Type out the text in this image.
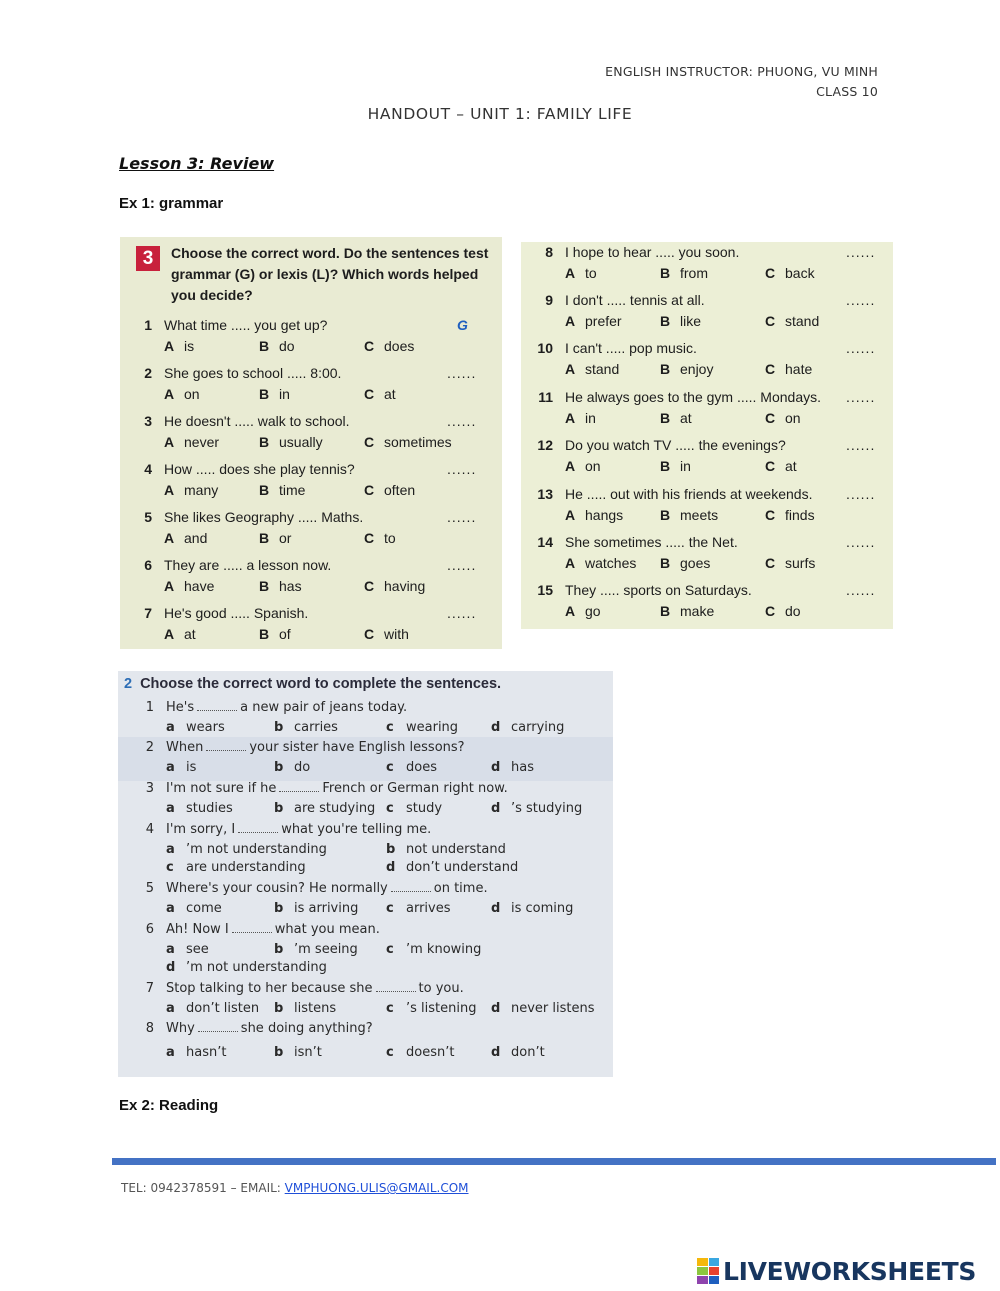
ENGLISH INSTRUCTOR: PHUONG, VU MINH
CLASS 10
HANDOUT – UNIT 1: FAMILY LIFE
Lesson 3: Review
Ex 1: grammar
3	Choose the correct word. Do the sentences test grammar (G) or lexis (L)? Which words helped you decide?
1 What time ..... you get up?	G
A is	B do	C does
2 She goes to school ..... 8:00.	......
A on	B in	C at
3 He doesn't ..... walk to school.	......
A never	B usually	C sometimes
4 How ..... does she play tennis?	......
A many	B time	C often
5 She likes Geography ..... Maths.	......
A and	B or	C to
6 They are ..... a lesson now.	......
A have	B has	C having
7 He's good ..... Spanish.	......
A at	B of	C with
8 I hope to hear ..... you soon.	......
A to	B from	C back
9 I don't ..... tennis at all.	......
A prefer	B like	C stand
10 I can't ..... pop music.	......
A stand	B enjoy	C hate
11 He always goes to the gym ..... Mondays. ......
A in	B at	C on
12 Do you watch TV ..... the evenings?	......
A on	B in	C at
13 He ..... out with his friends at weekends. ......
A hangs	B meets	C finds
14 She sometimes ..... the Net.	......
A watches B goes	C surfs
15 They ..... sports on Saturdays.	......
A go	B make	C do
2 Choose the correct word to complete the sentences.
1 He's	a new pair of jeans today.
a wears	b carries	c wearing	d carrying
2 When	your sister have English lessons?
a is	b do	c does	d has
3 I'm not sure if he	French or German right now.
a studies	b are studying c study	d ’s studying
4 I'm sorry, I	what you're telling me.
a ’m not understanding	b not understand
c are understanding	d don’t understand
5 Where's your cousin? He normally	on time.
a come	b is arriving c arrives	d is coming
6 Ah! Now I	what you mean.
a see	b ’m seeing c ’m knowing
d ’m not understanding
7 Stop talking to her because she	to you.
a don’t listen b listens	c ’s listening d never listens
8 Why	she doing anything?
a hasn’t	b isn’t	c doesn’t	d don’t
Ex 2: Reading
TEL: 0942378591 – EMAIL: VMPHUONG.ULIS@GMAIL.COM
LIVEWORKSHEETS
